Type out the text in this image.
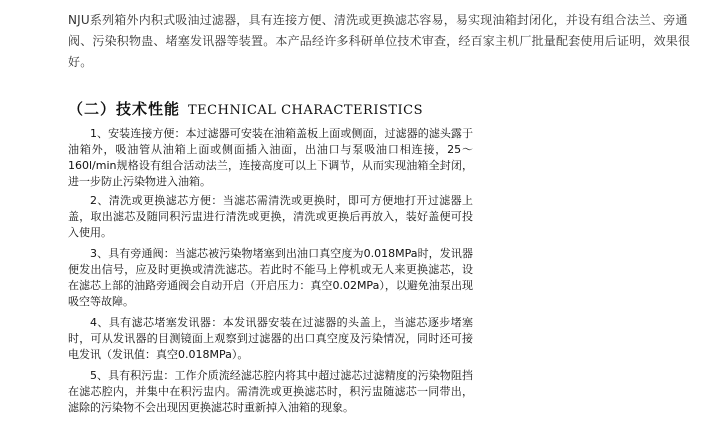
NJU系列箱外内积式吸油过滤器，具有连接方便、清洗或更换滤芯容易，易实现油箱封闭化，并设有组合法兰、旁通阀、污染积物蛊、堵塞发讯器等装置。本产品经许多科研单位技术审查，经百家主机厂批量配套使用后证明，效果很好。

（二）技术性能 TECHNICAL CHARACTERISTICS
1、安装连接方便：本过滤器可安装在油箱盖板上面或侧面，过滤器的滤头露于油箱外，吸油管从油箱上面或侧面插入油面，出油口与泵吸油口相连接，25～160l/min规格设有组合活动法兰，连接高度可以上下调节，从而实现油箱全封闭，进一步防止污染物进入油箱。
2、清洗或更换滤芯方便：当滤芯需清洗或更换时，即可方便地打开过滤器上盖，取出滤芯及随同积污盅进行清洗或更换，清洗或更换后再放入，装好盖便可投入使用。
3、具有旁通阀：当滤芯被污染物堵塞到出油口真空度为0.018MPa时，发讯器便发出信号，应及时更换或清洗滤芯。若此时不能马上停机或无人来更换滤芯，设在滤芯上部的油路旁通阀会自动开启（开启压力：真空0.02MPa），以避免油泵出现吸空等故障。
4、具有滤芯堵塞发讯器：本发讯器安装在过滤器的头盖上，当滤芯逐步堵塞时，可从发讯器的目测镜面上观察到过滤器的出口真空度及污染情况，同时还可接电发讯（发讯值：真空0.018MPa）。
5、具有积污盅：工作介质流经滤芯腔内将其中超过滤芯过滤精度的污染物阻挡在滤芯腔内，并集中在积污盅内。需清洗或更换滤芯时，积污盅随滤芯一同带出，滤除的污染物不会出现因更换滤芯时重新掉入油箱的现象。
